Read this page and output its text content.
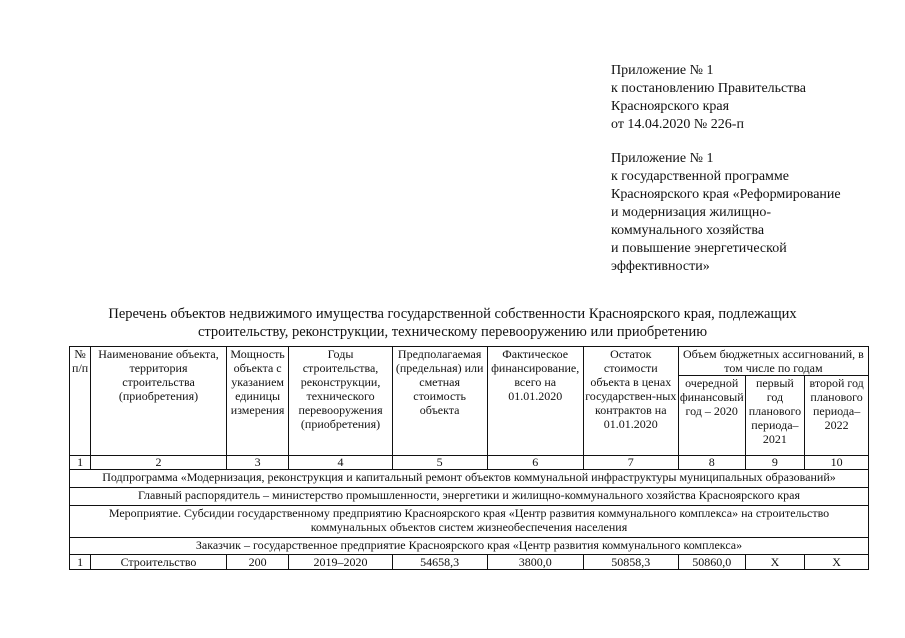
Приложение № 1
к постановлению Правительства
Красноярского края
от 14.04.2020 № 226-п
Приложение № 1
к государственной программе
Красноярского края «Реформирование
и модернизация жилищно-
коммунального хозяйства
и повышение энергетической
эффективности»
Перечень объектов недвижимого имущества государственной собственности Красноярского края, подлежащих
строительству, реконструкции, техническому перевооружению или приобретению
№ п/п	Наименование объекта, территория строительства (приобретения)	Мощность объекта с указанием единицы измерения	Годы строительства, реконструкции, технического перевооружения (приобретения)	Предполагаемая (предельная) или сметная стоимость объекта	Фактическое финансирование, всего на 01.01.2020	Остаток стоимости объекта в ценах государствен-ных контрактов на 01.01.2020	Объем бюджетных ассигнований, в том числе по годам		
							очередной финансовый год – 2020	первый год планового периода– 2021	второй год планового периода– 2022
1	2	3	4	5	6	7	8	9	10
Подпрограмма «Модернизация, реконструкция и капитальный ремонт объектов коммунальной инфраструктуры муниципальных образований»									
Главный распорядитель – министерство промышленности, энергетики и жилищно-коммунального хозяйства Красноярского края									
Мероприятие. Субсидии государственному предприятию Красноярского края «Центр развития коммунального комплекса» на строительство коммунальных объектов систем жизнеобеспечения населения									
Заказчик – государственное предприятие Красноярского края «Центр развития коммунального комплекса»									
1	Строительство	200	2019–2020	54658,3	3800,0	50858,3	50860,0	Х	Х
